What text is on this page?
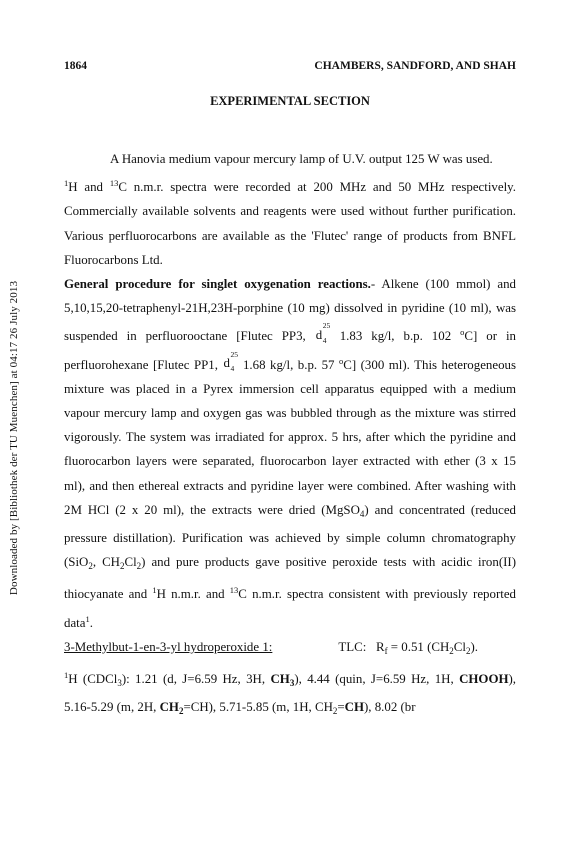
Downloaded by [Bibliothek der TU Muenchen] at 04:17 26 July 2013
1864	CHAMBERS, SANDFORD, AND SHAH
EXPERIMENTAL SECTION

A Hanovia medium vapour mercury lamp of U.V. output 125 W was used.

$^1$H and $^{13}$C n.m.r. spectra were recorded at 200 MHz and 50 MHz respectively. Commercially available solvents and reagents were used without further purification. Various perfluorocarbons are available as the 'Flutec' range of products from BNFL Fluorocarbons Ltd.

General procedure for singlet oxygenation reactions.- Alkene (100 mmol) and 5,10,15,20-tetraphenyl-21H,23H-porphine (10 mg) dissolved in pyridine (10 ml), was suspended in perfluorooctane [Flutec PP3, d
25
4 1.83 kg/l, b.p. 102 $^o$C] or in perfluorohexane [Flutec PP1, d
25
4 1.68 kg/l, b.p. 57 $^o$C] (300 ml). This heterogeneous mixture was placed in a Pyrex immersion cell apparatus equipped with a medium vapour mercury lamp and oxygen gas was bubbled through as the mixture was stirred vigorously. The system was irradiated for approx. 5 hrs, after which the pyridine and fluorocarbon layers were separated, fluorocarbon layer extracted with ether (3 x 15 ml), and then ethereal extracts and pyridine layer were combined. After washing with 2M HCl (2 x 20 ml), the extracts were dried (MgSO$_4$) and concentrated (reduced pressure distillation). Purification was achieved by simple column chromatography (SiO$_2$, $CH_2Cl_2$) and pure products gave positive peroxide tests with acidic iron(II) thiocyanate and $^1$H n.m.r. and $^{13}$C n.m.r. spectra consistent with previously reported data$^1$.

3-Methylbut-1-en-3-yl hydroperoxide 1:	TLC: $R_f = 0.51$ $(CH_2Cl_2)$.

$^1$H (CDCl$_3$): 1.21 (d, J=6.59 Hz, 3H, $CH_3$), 4.44 (quin, J=6.59 Hz, 1H, CHOOH), 5.16-5.29 (m, 2H, $CH_2=CH$), 5.71-5.85 (m, 1H, $CH_2=CH$), 8.02 (br
